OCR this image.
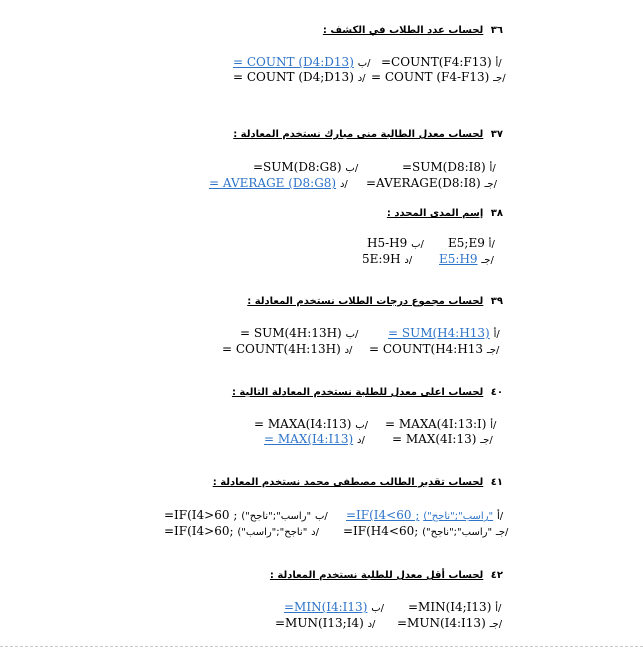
٣٦ لحساب عدد الطلاب في الكشف :
=COUNT(F4:F13) أ/
= COUNT (D4:D13) ب/
= COUNT (F4-F13) جـ/
= COUNT (D4;D13) د/
٣٧ لحساب معدل الطالبة منى مبارك نستخدم المعادلة :
=SUM(D8:I8) أ/
=SUM(D8:G8) ب/
=AVERAGE(D8:I8) جـ/
= AVERAGE (D8:G8) د/
٣٨ إسم المدى المحدد :
E5;E9 أ/
H5-H9 ب/
E5:H9 جـ/
5E:9H د/
٣٩ لحساب مجموع درجات الطلاب نستخدم المعادلة :
= SUM(H4:H13) أ/
= SUM(4H:13H) ب/
= COUNT(H4:H13 جـ/
= COUNT(4H:13H) د/
٤٠ لحساب اعلى معدل للطلبة نستخدم المعادلة التالية :
= MAXA(4I:13:I) أ/
= MAXA(I4:I13) ب/
= MAX(4I:13) جـ/
= MAX(I4:I13) د/
٤١ لحساب تقدير الطالب مصطفى محمد نستخدم المعادلة :
=IF(I4<60 ; "راسب";"ناجح") أ/
=IF(I4>60 ; "راسب";"ناجح") ب/
=IF(H4<60; "راسب";"ناجح") جـ/
=IF(I4>60; "ناجح";"راسب") د/
٤٢ لحساب أقل معدل للطلبة نستخدم المعادلة :
=MIN(I4;I13) أ/
=MIN(I4:I13) ب/
=MUN(I4:I13) جـ/
=MUN(I13;I4) د/
